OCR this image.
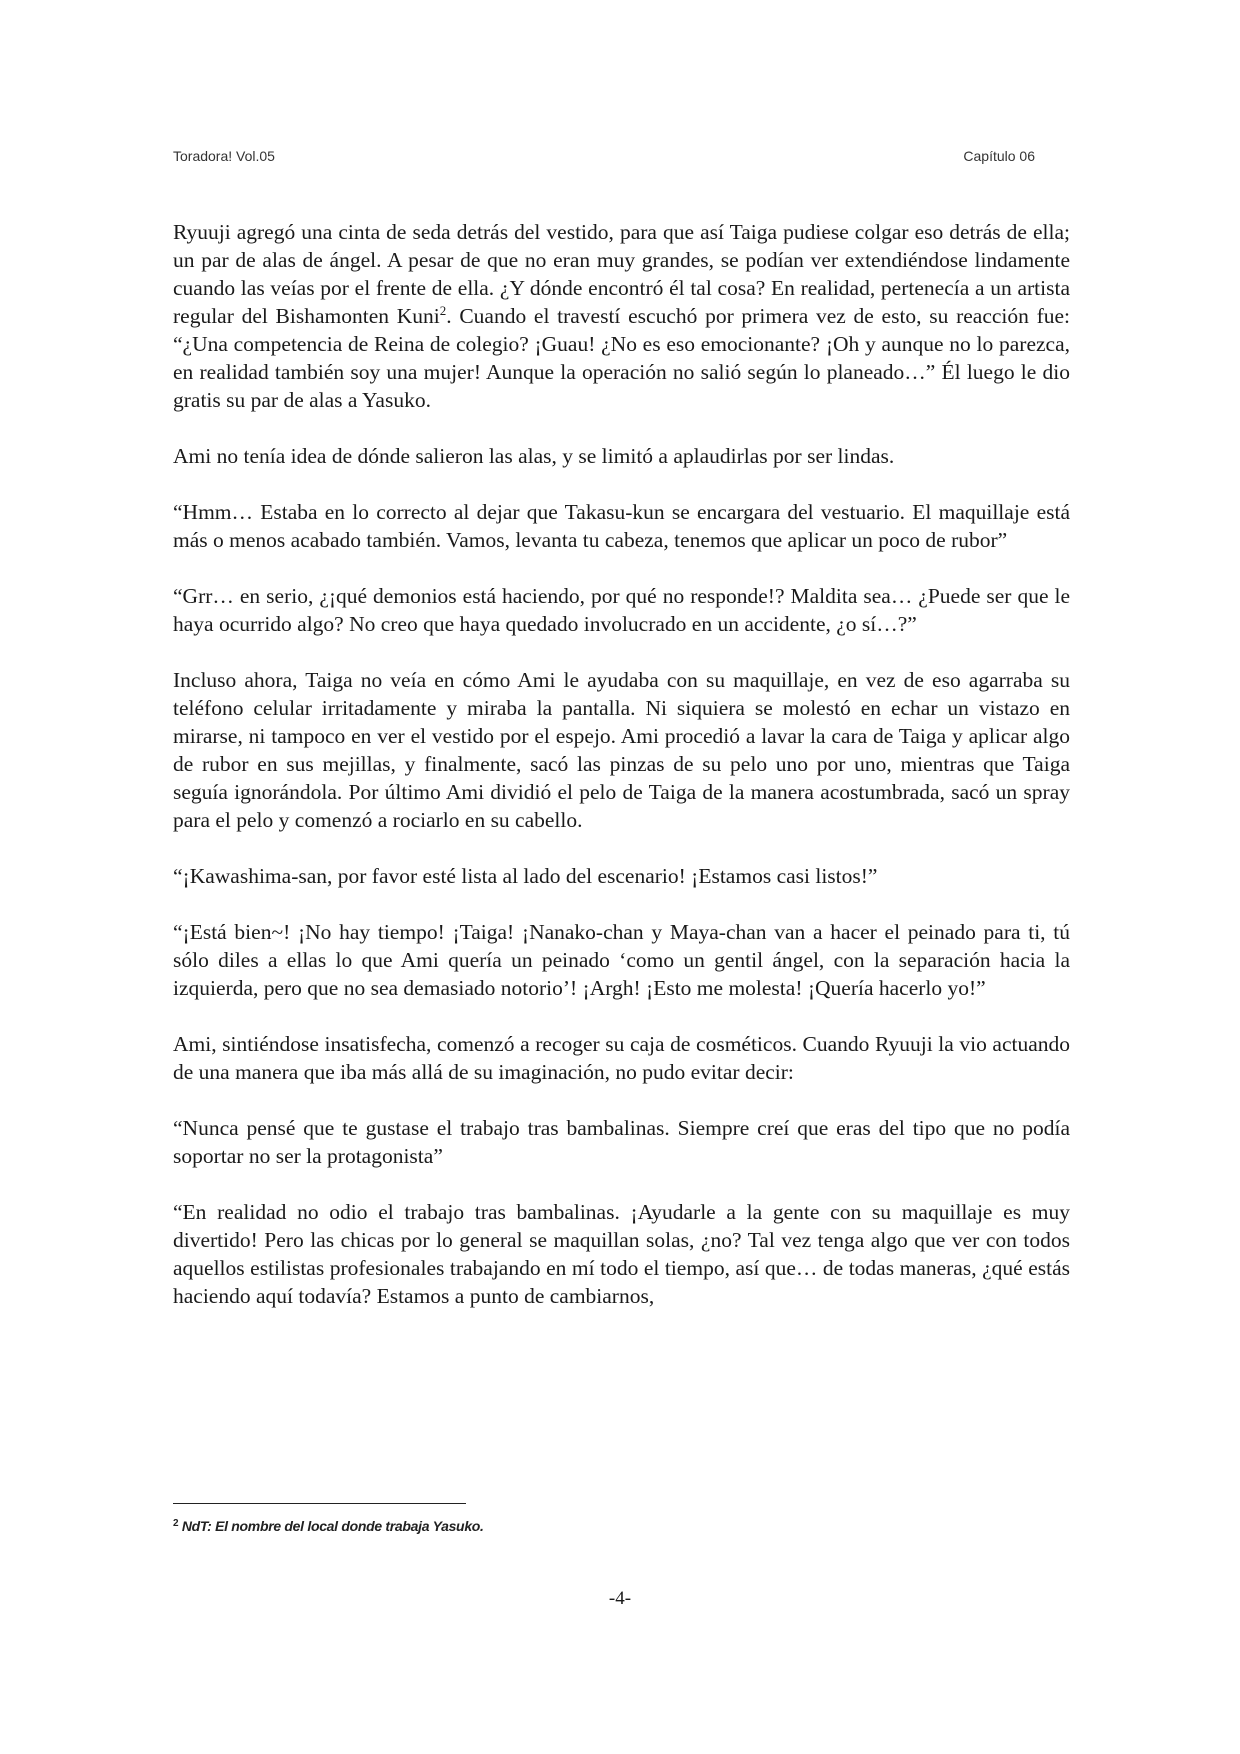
Toradora! Vol.05	Capítulo 06

Ryuuji agregó una cinta de seda detrás del vestido, para que así Taiga pudiese colgar eso detrás de ella; un par de alas de ángel. A pesar de que no eran muy grandes, se podían ver extendiéndose lindamente cuando las veías por el frente de ella. ¿Y dónde encontró él tal cosa? En realidad, pertenecía a un artista regular del Bishamonten Kuni$^2$. Cuando el travestí escuchó por primera vez de esto, su reacción fue: “¿Una competencia de Reina de colegio? ¡Guau! ¿No es eso emocionante? ¡Oh y aunque no lo parezca, en realidad también soy una mujer! Aunque la operación no salió según lo planeado…” Él luego le dio gratis su par de alas a Yasuko.

Ami no tenía idea de dónde salieron las alas, y se limitó a aplaudirlas por ser lindas.

“Hmm… Estaba en lo correcto al dejar que Takasu-kun se encargara del vestuario. El maquillaje está más o menos acabado también. Vamos, levanta tu cabeza, tenemos que aplicar un poco de rubor”

“Grr… en serio, ¿¡qué demonios está haciendo, por qué no responde!? Maldita sea… ¿Puede ser que le haya ocurrido algo? No creo que haya quedado involucrado en un accidente, ¿o sí…?”

Incluso ahora, Taiga no veía en cómo Ami le ayudaba con su maquillaje, en vez de eso agarraba su teléfono celular irritadamente y miraba la pantalla. Ni siquiera se molestó en echar un vistazo en mirarse, ni tampoco en ver el vestido por el espejo. Ami procedió a lavar la cara de Taiga y aplicar algo de rubor en sus mejillas, y finalmente, sacó las pinzas de su pelo uno por uno, mientras que Taiga seguía ignorándola. Por último Ami dividió el pelo de Taiga de la manera acostumbrada, sacó un spray para el pelo y comenzó a rociarlo en su cabello.

“¡Kawashima-san, por favor esté lista al lado del escenario! ¡Estamos casi listos!”

“¡Está bien~! ¡No hay tiempo! ¡Taiga! ¡Nanako-chan y Maya-chan van a hacer el peinado para ti, tú sólo diles a ellas lo que Ami quería un peinado ‘como un gentil ángel, con la separación hacia la izquierda, pero que no sea demasiado notorio’! ¡Argh! ¡Esto me molesta! ¡Quería hacerlo yo!”

Ami, sintiéndose insatisfecha, comenzó a recoger su caja de cosméticos. Cuando Ryuuji la vio actuando de una manera que iba más allá de su imaginación, no pudo evitar decir:

“Nunca pensé que te gustase el trabajo tras bambalinas. Siempre creí que eras del tipo que no podía soportar no ser la protagonista”

“En realidad no odio el trabajo tras bambalinas. ¡Ayudarle a la gente con su maquillaje es muy divertido! Pero las chicas por lo general se maquillan solas, ¿no? Tal vez tenga algo que ver con todos aquellos estilistas profesionales trabajando en mí todo el tiempo, así que… de todas maneras, ¿qué estás haciendo aquí todavía? Estamos a punto de cambiarnos,

$^2$ NdT: El nombre del local donde trabaja Yasuko.
-4-
